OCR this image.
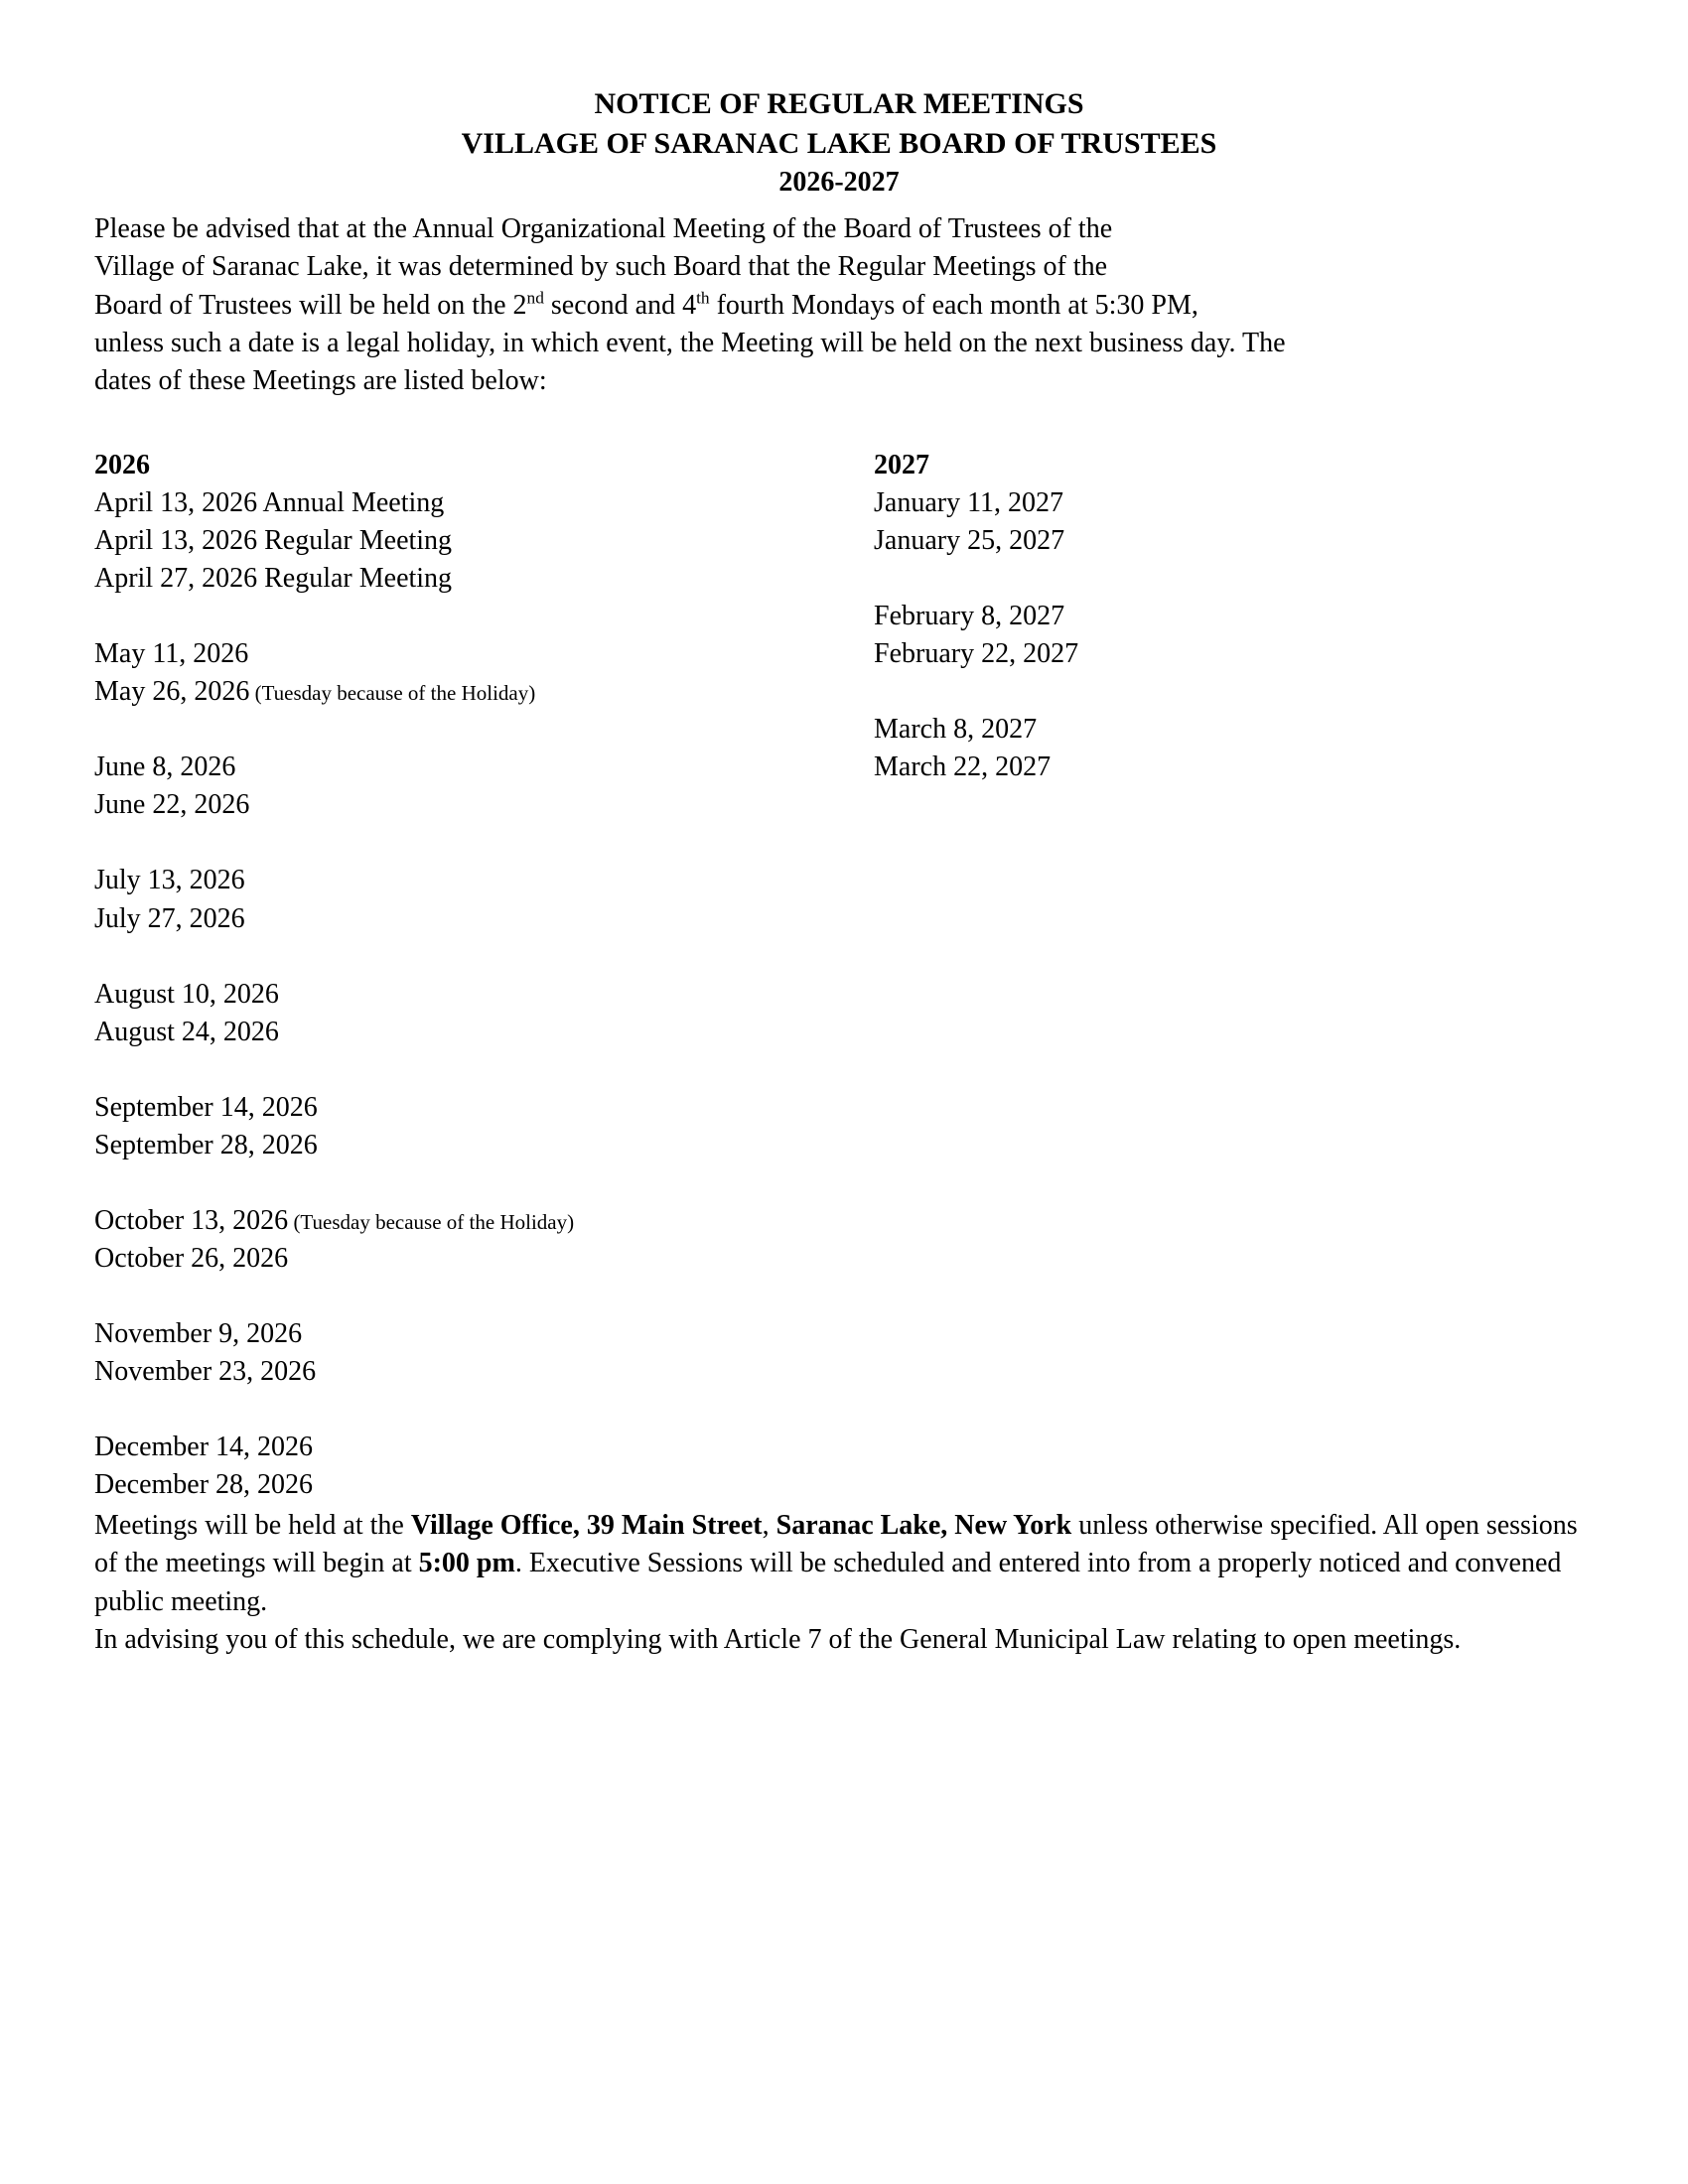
NOTICE OF REGULAR MEETINGS
VILLAGE OF SARANAC LAKE BOARD OF TRUSTEES
2026-2027
Please be advised that at the Annual Organizational Meeting of the Board of Trustees of the
Village of Saranac Lake, it was determined by such Board that the Regular Meetings of the
Board of Trustees will be held on the 2nd second and 4th fourth Mondays of each month at 5:30 PM,
unless such a date is a legal holiday, in which event, the Meeting will be held on the next business day. The
dates of these Meetings are listed below:
2026
April 13, 2026 Annual Meeting
April 13, 2026 Regular Meeting
April 27, 2026 Regular Meeting
May 11, 2026
May 26, 2026 (Tuesday because of the Holiday)
June 8, 2026
June 22, 2026
July 13, 2026
July 27, 2026
August 10, 2026
August 24, 2026
September 14, 2026
September 28, 2026
October 13, 2026 (Tuesday because of the Holiday)
October 26, 2026
November 9, 2026
November 23, 2026
December 14, 2026
December 28, 2026
2027
January 11, 2027
January 25, 2027
February 8, 2027
February 22, 2027
March 8, 2027
March 22, 2027

Meetings will be held at the Village Office, 39 Main Street, Saranac Lake, New York unless otherwise specified. All open sessions of the meetings will begin at 5:00 pm. Executive Sessions will be scheduled and entered into from a properly noticed and convened public meeting.

In advising you of this schedule, we are complying with Article 7 of the General Municipal Law relating to open meetings.
